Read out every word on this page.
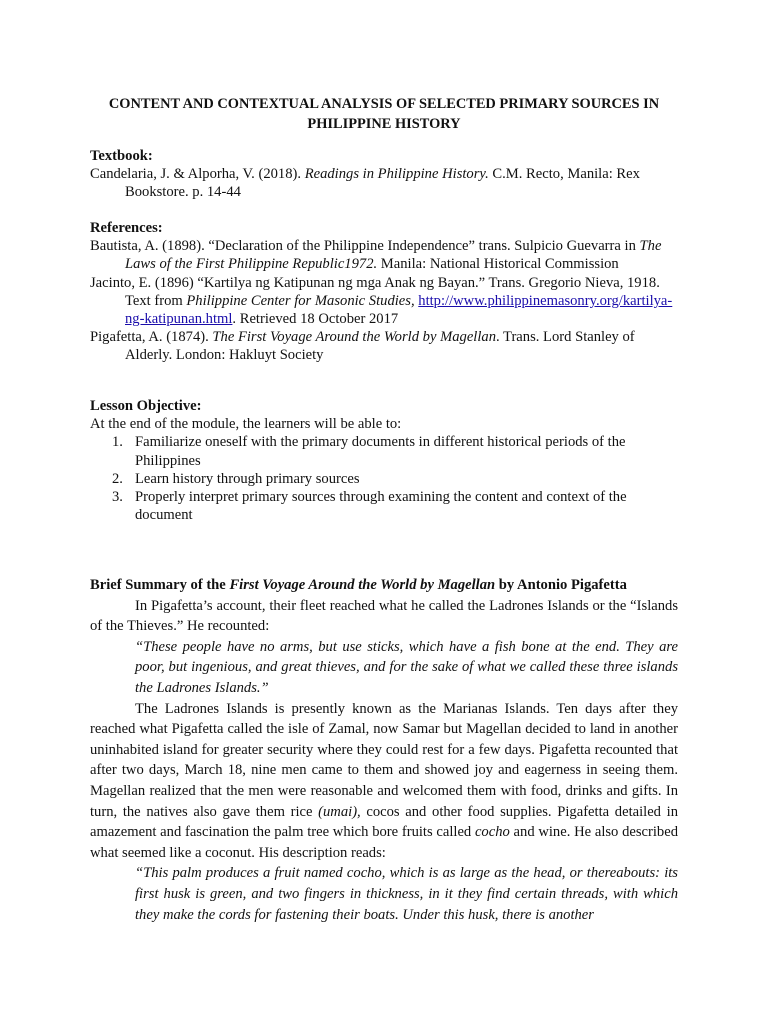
CONTENT AND CONTEXTUAL ANALYSIS OF SELECTED PRIMARY SOURCES IN
PHILIPPINE HISTORY
Textbook:

Candelaria, J. & Alporha, V. (2018). Readings in Philippine History. C.M. Recto, Manila: Rex Bookstore. p. 14-44

References:

Bautista, A. (1898). “Declaration of the Philippine Independence” trans. Sulpicio Guevarra in The Laws of the First Philippine Republic1972. Manila: National Historical Commission

Jacinto, E. (1896) “Kartilya ng Katipunan ng mga Anak ng Bayan.” Trans. Gregorio Nieva, 1918. Text from Philippine Center for Masonic Studies, http://www.philippinemasonry.org/kartilya-ng-katipunan.html. Retrieved 18 October 2017

Pigafetta, A. (1874). The First Voyage Around the World by Magellan. Trans. Lord Stanley of Alderly. London: Hakluyt Society

Lesson Objective:
At the end of the module, the learners will be able to:
1. Familiarize oneself with the primary documents in different historical periods of the Philippines
2. Learn history through primary sources
3. Properly interpret primary sources through examining the content and context of the document

Brief Summary of the First Voyage Around the World by Magellan by Antonio Pigafetta

In Pigafetta’s account, their fleet reached what he called the Ladrones Islands or the “Islands of the Thieves.” He recounted:

“These people have no arms, but use sticks, which have a fish bone at the end. They are poor, but ingenious, and great thieves, and for the sake of what we called these three islands the Ladrones Islands.”

The Ladrones Islands is presently known as the Marianas Islands. Ten days after they reached what Pigafetta called the isle of Zamal, now Samar but Magellan decided to land in another uninhabited island for greater security where they could rest for a few days. Pigafetta recounted that after two days, March 18, nine men came to them and showed joy and eagerness in seeing them. Magellan realized that the men were reasonable and welcomed them with food, drinks and gifts. In turn, the natives also gave them rice (umai), cocos and other food supplies. Pigafetta detailed in amazement and fascination the palm tree which bore fruits called cocho and wine. He also described what seemed like a coconut. His description reads:

“This palm produces a fruit named cocho, which is as large as the head, or thereabouts: its first husk is green, and two fingers in thickness, in it they find certain threads, with which they make the cords for fastening their boats. Under this husk, there is another
